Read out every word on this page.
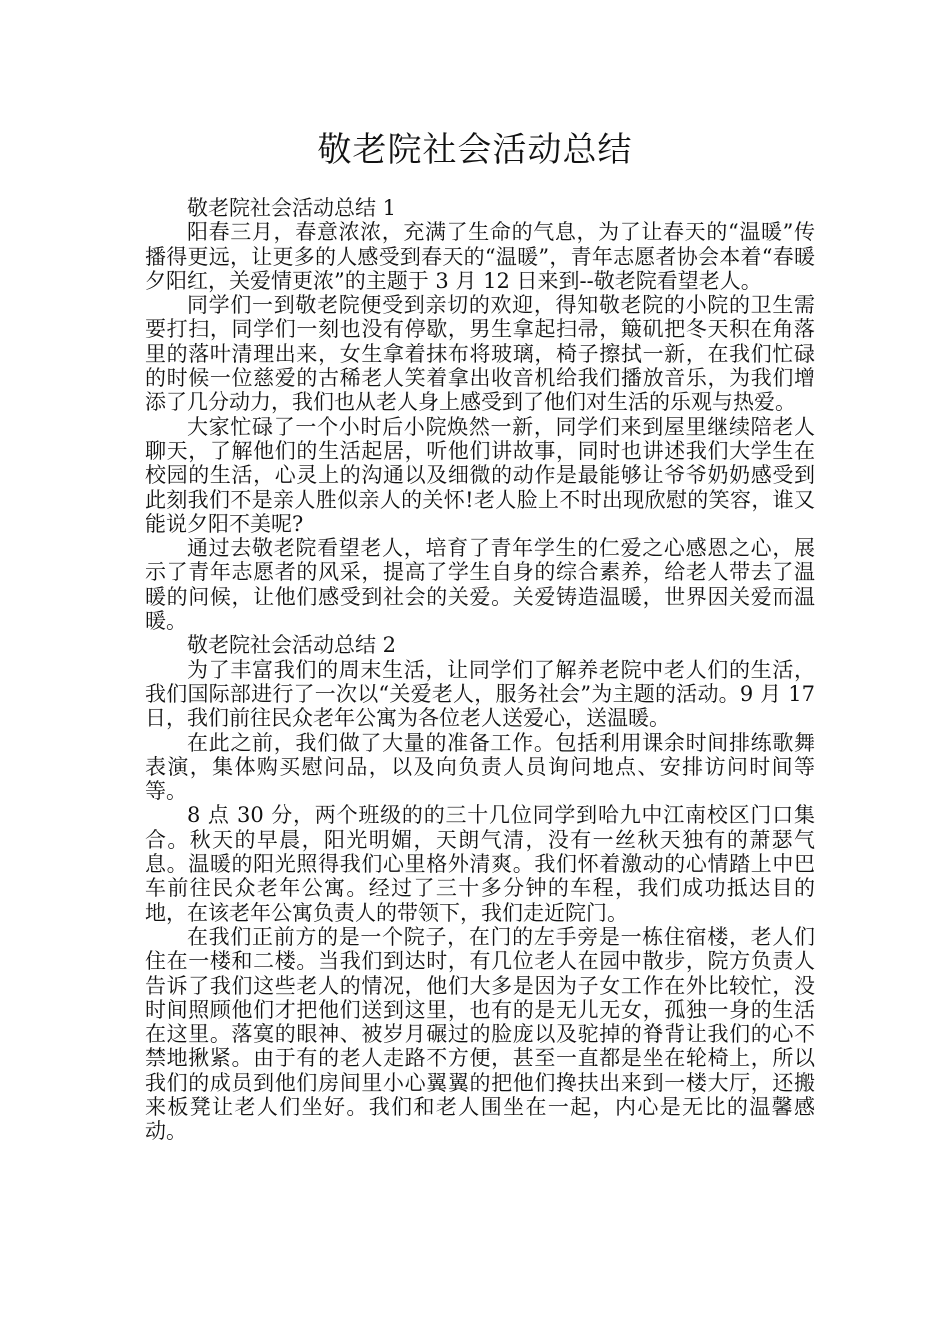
敬老院社会活动总结

敬老院社会活动总结 1

阳春三月，春意浓浓，充满了生命的气息，为了让春天的“温暖”传播得更远，让更多的人感受到春天的“温暖”，青年志愿者协会本着“春暖夕阳红，关爱情更浓”的主题于 3 月 12 日来到--敬老院看望老人。

同学们一到敬老院便受到亲切的欢迎，得知敬老院的小院的卫生需要打扫，同学们一刻也没有停歇，男生拿起扫帚，簸矶把冬天积在角落里的落叶清理出来，女生拿着抹布将玻璃，椅子擦拭一新，在我们忙碌的时候一位慈爱的古稀老人笑着拿出收音机给我们播放音乐，为我们增添了几分动力，我们也从老人身上感受到了他们对生活的乐观与热爱。

大家忙碌了一个小时后小院焕然一新，同学们来到屋里继续陪老人聊天，了解他们的生活起居，听他们讲故事，同时也讲述我们大学生在校园的生活，心灵上的沟通以及细微的动作是最能够让爷爷奶奶感受到此刻我们不是亲人胜似亲人的关怀!老人脸上不时出现欣慰的笑容，谁又能说夕阳不美呢?

通过去敬老院看望老人，培育了青年学生的仁爱之心感恩之心，展示了青年志愿者的风采，提高了学生自身的综合素养，给老人带去了温暖的问候，让他们感受到社会的关爱。关爱铸造温暖，世界因关爱而温暖。

敬老院社会活动总结 2

为了丰富我们的周末生活，让同学们了解养老院中老人们的生活，我们国际部进行了一次以“关爱老人，服务社会”为主题的活动。9 月 17 日，我们前往民众老年公寓为各位老人送爱心，送温暖。

在此之前，我们做了大量的准备工作。包括利用课余时间排练歌舞表演，集体购买慰问品，以及向负责人员询问地点、安排访问时间等等。

8 点 30 分，两个班级的的三十几位同学到哈九中江南校区门口集合。秋天的早晨，阳光明媚，天朗气清，没有一丝秋天独有的萧瑟气息。温暖的阳光照得我们心里格外清爽。我们怀着激动的心情踏上中巴车前往民众老年公寓。经过了三十多分钟的车程，我们成功抵达目的地，在该老年公寓负责人的带领下，我们走近院门。

在我们正前方的是一个院子，在门的左手旁是一栋住宿楼，老人们住在一楼和二楼。当我们到达时，有几位老人在园中散步，院方负责人告诉了我们这些老人的情况，他们大多是因为子女工作在外比较忙，没时间照顾他们才把他们送到这里，也有的是无儿无女，孤独一身的生活在这里。落寞的眼神、被岁月碾过的脸庞以及驼掉的脊背让我们的心不禁地揪紧。由于有的老人走路不方便，甚至一直都是坐在轮椅上，所以我们的成员到他们房间里小心翼翼的把他们搀扶出来到一楼大厅，还搬来板凳让老人们坐好。我们和老人围坐在一起，内心是无比的温馨感动。
